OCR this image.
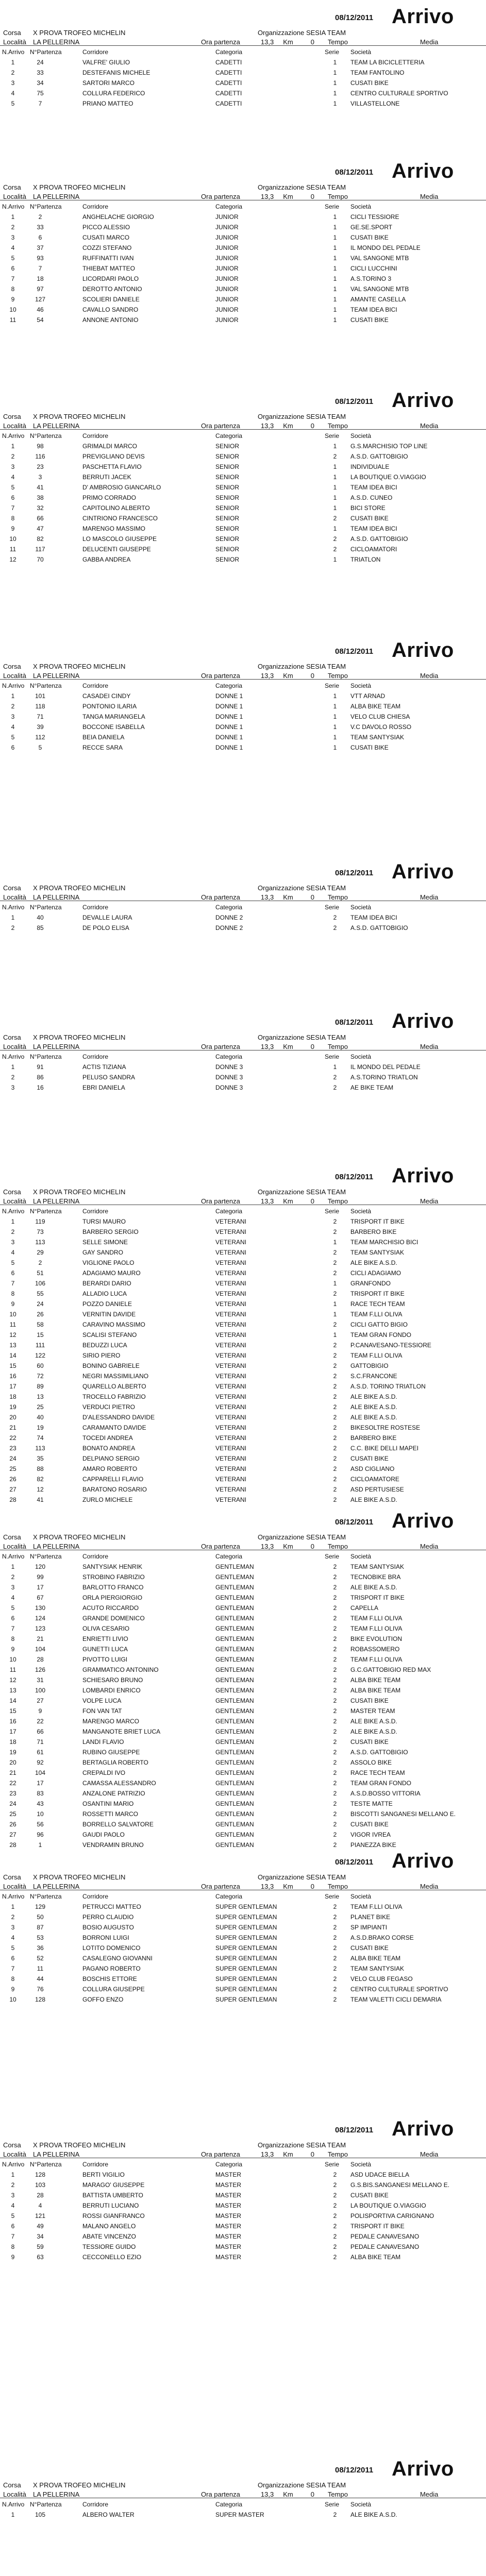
08/12/2011 Arrivo
Corsa X PROVA TROFEO MICHELIN	Organizzazione SESIA TEAM
Località LA PELLERINA	Ora partenza	13,3 Km	0 Tempo	Media
N.Arrivo N°Partenza	Corridore	Categoria	Serie Società
1	24	VALFRE' GIULIO	CADETTI	1	TEAM LA BICICLETTERIA
2	33	DESTEFANIS MICHELE	CADETTI	1	TEAM FANTOLINO
3	34	SARTORI MARCO	CADETTI	1	CUSATI BIKE
4	75	COLLURA FEDERICO	CADETTI	1	CENTRO CULTURALE SPORTIVO
5	7	PRIANO MATTEO	CADETTI	1	VILLASTELLONE
08/12/2011 Arrivo
Corsa X PROVA TROFEO MICHELIN	Organizzazione SESIA TEAM
Località LA PELLERINA	Ora partenza	13,3 Km	0 Tempo	Media
N.Arrivo N°Partenza	Corridore	Categoria	Serie Società
1	2	ANGHELACHE GIORGIO	JUNIOR	1	CICLI TESSIORE
2	33	PICCO ALESSIO	JUNIOR	1	GE.SE.SPORT
3	6	CUSATI MARCO	JUNIOR	1	CUSATI BIKE
4	37	COZZI STEFANO	JUNIOR	1	IL MONDO DEL PEDALE
5	93	RUFFINATTI IVAN	JUNIOR	1	VAL SANGONE MTB
6	7	THIEBAT MATTEO	JUNIOR	1	CICLI LUCCHINI
7	18	LICORDARI PAOLO	JUNIOR	1	A.S.TORINO 3
8	97	DEROTTO ANTONIO	JUNIOR	1	VAL SANGONE MTB
9	127	SCOLIERI DANIELE	JUNIOR	1	AMANTE CASELLA
10	46	CAVALLO SANDRO	JUNIOR	1	TEAM IDEA BICI
11	54	ANNONE ANTONIO	JUNIOR	1	CUSATI BIKE
08/12/2011 Arrivo
Corsa X PROVA TROFEO MICHELIN	Organizzazione SESIA TEAM
Località LA PELLERINA	Ora partenza	13,3 Km	0 Tempo	Media
N.Arrivo N°Partenza	Corridore	Categoria	Serie Società
1	98	GRIMALDI MARCO	SENIOR	1	G.S.MARCHISIO TOP LINE
2	116	PREVIGLIANO DEVIS	SENIOR	2	A.S.D. GATTOBIGIO
3	23	PASCHETTA FLAVIO	SENIOR	1	INDIVIDUALE
4	3	BERRUTI JACEK	SENIOR	1	LA BOUTIQUE O.VIAGGIO
5	41	D' AMBROSIO GIANCARLO	SENIOR	1	TEAM IDEA BICI
6	38	PRIMO CORRADO	SENIOR	1	A.S.D. CUNEO
7	32	CAPITOLINO ALBERTO	SENIOR	1	BICI STORE
8	66	CINTRIONO FRANCESCO	SENIOR	2	CUSATI BIKE
9	47	MARENGO MASSIMO	SENIOR	1	TEAM IDEA BICI
10	82	LO MASCOLO GIUSEPPE	SENIOR	2	A.S.D. GATTOBIGIO
11	117	DELUCENTI GIUSEPPE	SENIOR	2	CICLOAMATORI
12	70	GABBA ANDREA	SENIOR	1	TRIATLON
08/12/2011 Arrivo
Corsa X PROVA TROFEO MICHELIN	Organizzazione SESIA TEAM
Località LA PELLERINA	Ora partenza	13,3 Km	0 Tempo	Media
N.Arrivo N°Partenza	Corridore	Categoria	Serie Società
1	101	CASADEI CINDY	DONNE 1	1	VTT ARNAD
2	118	PONTONIO ILARIA	DONNE 1	1	ALBA BIKE TEAM
3	71	TANGA MARIANGELA	DONNE 1	1	VELO CLUB CHIESA
4	39	BOCCONE ISABELLA	DONNE 1	1	V.C DAVOLO ROSSO
5	112	BEIA DANIELA	DONNE 1	1	TEAM SANTYSIAK
6	5	RECCE SARA	DONNE 1	1	CUSATI BIKE
08/12/2011 Arrivo
Corsa X PROVA TROFEO MICHELIN	Organizzazione SESIA TEAM
Località LA PELLERINA	Ora partenza	13,3 Km	0 Tempo	Media
N.Arrivo N°Partenza	Corridore	Categoria	Serie Società
1	40	DEVALLE LAURA	DONNE 2	2	TEAM IDEA BICI
2	85	DE POLO ELISA	DONNE 2	2	A.S.D. GATTOBIGIO
08/12/2011 Arrivo
Corsa X PROVA TROFEO MICHELIN	Organizzazione SESIA TEAM
Località LA PELLERINA	Ora partenza	13,3 Km	0 Tempo	Media
N.Arrivo N°Partenza	Corridore	Categoria	Serie Società
1	91	ACTIS TIZIANA	DONNE 3	1	IL MONDO DEL PEDALE
2	86	PELUSO SANDRA	DONNE 3	2	A.S.TORINO TRIATLON
3	16	EBRI DANIELA	DONNE 3	2	AE BIKE TEAM
08/12/2011 Arrivo
Corsa X PROVA TROFEO MICHELIN	Organizzazione SESIA TEAM
Località LA PELLERINA	Ora partenza	13,3 Km	0 Tempo	Media
N.Arrivo N°Partenza	Corridore	Categoria	Serie Società
1	119	TURSI MAURO	VETERANI	2	TRISPORT IT BIKE
2	73	BARBERO SERGIO	VETERANI	2	BARBERO BIKE
3	113	SELLE SIMONE	VETERANI	1	TEAM MARCHISIO BICI
4	29	GAY SANDRO	VETERANI	2	TEAM SANTYSIAK
5	2	VIGLIONE PAOLO	VETERANI	2	ALE BIKE A.S.D.
6	51	ADAGIAMO MAURO	VETERANI	2	CICLI ADAGIAMO
7	106	BERARDI DARIO	VETERANI	1	GRANFONDO
8	55	ALLADIO LUCA	VETERANI	2	TRISPORT IT BIKE
9	24	POZZO DANIELE	VETERANI	1	RACE TECH TEAM
10	26	VERNITIN DAVIDE	VETERANI	1	TEAM F.LLI OLIVA
11	58	CARAVINO MASSIMO	VETERANI	2	CICLI GATTO BIGIO
12	15	SCALISI STEFANO	VETERANI	1	TEAM GRAN FONDO
13	111	BEDUZZI LUCA	VETERANI	2	P.CANAVESANO-TESSIORE
14	122	SIRIO PIERO	VETERANI	2	TEAM F.LLI OLIVA
15	60	BONINO GABRIELE	VETERANI	2	GATTOBIGIO
16	72	NEGRI MASSIMILIANO	VETERANI	2	S.C.FRANCONE
17	89	QUARELLO ALBERTO	VETERANI	2	A.S.D. TORINO TRIATLON
18	13	TROCELLO FABRIZIO	VETERANI	2	ALE BIKE A.S.D.
19	25	VERDUCI PIETRO	VETERANI	2	ALE BIKE A.S.D.
20	40	D'ALESSANDRO DAVIDE	VETERANI	2	ALE BIKE A.S.D.
21	19	CARAMANTO DAVIDE	VETERANI	2	BIKESOLTRE ROSTESE
22	74	TOCEDI ANDREA	VETERANI	2	BARBERO BIKE
23	113	BONATO ANDREA	VETERANI	2	C.C. BIKE DELLI MAPEI
24	35	DELPIANO SERGIO	VETERANI	2	CUSATI BIKE
25	88	AMARO ROBERTO	VETERANI	2	ASD CIGLIANO
26	82	CAPPARELLI FLAVIO	VETERANI	2	CICLOAMATORE
27	12	BARATONO ROSARIO	VETERANI	2	ASD PERTUSIESE
28	41	ZURLO MICHELE	VETERANI	2	ALE BIKE A.S.D.
08/12/2011 Arrivo
Corsa X PROVA TROFEO MICHELIN	Organizzazione SESIA TEAM
Località LA PELLERINA	Ora partenza	13,3 Km	0 Tempo	Media
N.Arrivo N°Partenza	Corridore	Categoria	Serie Società
1	120	SANTYSIAK HENRIK	GENTLEMAN	2	TEAM SANTYSIAK
2	99	STROBINO FABRIZIO	GENTLEMAN	2	TECNOBIKE BRA
3	17	BARLOTTO FRANCO	GENTLEMAN	2	ALE BIKE A.S.D.
4	67	ORLA PIERGIORGIO	GENTLEMAN	2	TRISPORT IT BIKE
5	130	ACUTO RICCARDO	GENTLEMAN	2	CAPELLA
6	124	GRANDE DOMENICO	GENTLEMAN	2	TEAM F.LLI OLIVA
7	123	OLIVA CESARIO	GENTLEMAN	2	TEAM F.LLI OLIVA
8	21	ENRIETTI LIVIO	GENTLEMAN	2	BIKE EVOLUTION
9	104	GUNETTI LUCA	GENTLEMAN	2	ROBASSOMERO
10	28	PIVOTTO LUIGI	GENTLEMAN	2	TEAM F.LLI OLIVA
11	126	GRAMMATICO ANTONINO	GENTLEMAN	2	G.C.GATTOBIGIO RED MAX
12	31	SCHIESARO BRUNO	GENTLEMAN	2	ALBA BIKE TEAM
13	100	LOMBARDI ENRICO	GENTLEMAN	2	ALBA BIKE TEAM
14	27	VOLPE LUCA	GENTLEMAN	2	CUSATI BIKE
15	9	FON VAN TAT	GENTLEMAN	2	MASTER TEAM
16	22	MARENGO MARCO	GENTLEMAN	2	ALE BIKE A.S.D.
17	66	MANGANOTE BRIET LUCA	GENTLEMAN	2	ALE BIKE A.S.D.
18	71	LANDI FLAVIO	GENTLEMAN	2	CUSATI BIKE
19	61	RUBINO GIUSEPPE	GENTLEMAN	2	A.S.D. GATTOBIGIO
20	92	BERTAGLIA ROBERTO	GENTLEMAN	2	ASSOLO BIKE
21	104	CREPALDI IVO	GENTLEMAN	2	RACE TECH TEAM
22	17	CAMASSA ALESSANDRO	GENTLEMAN	2	TEAM GRAN FONDO
23	83	ANZALONE PATRIZIO	GENTLEMAN	2	A.S.D.BOSSO VITTORIA
24	43	OSANTINI MARIO	GENTLEMAN	2	TESTE MATTE
25	10	ROSSETTI MARCO	GENTLEMAN	2	BISCOTTI SANGANESI MELLANO E.
26	56	BORRELLO SALVATORE	GENTLEMAN	2	CUSATI BIKE
27	96	GAUDI PAOLO	GENTLEMAN	2	VIGOR IVREA
28	1	VENDRAMIN BRUNO	GENTLEMAN	2	PIANEZZA BIKE
08/12/2011 Arrivo
Corsa X PROVA TROFEO MICHELIN	Organizzazione SESIA TEAM
Località LA PELLERINA	Ora partenza	13,3 Km	0 Tempo	Media
N.Arrivo N°Partenza	Corridore	Categoria	Serie Società
1	129	PETRUCCI MATTEO	SUPER GENTLEMAN	2	TEAM F.LLI OLIVA
2	50	PERRO CLAUDIO	SUPER GENTLEMAN	2	PLANET BIKE
3	87	BOSIO AUGUSTO	SUPER GENTLEMAN	2	SP IMPIANTI
4	53	BORRONI LUIGI	SUPER GENTLEMAN	2	A.S.D.BRAKO CORSE
5	36	LOTITO DOMENICO	SUPER GENTLEMAN	2	CUSATI BIKE
6	52	CASALEGNO GIOVANNI	SUPER GENTLEMAN	2	ALBA BIKE TEAM
7	11	PAGANO ROBERTO	SUPER GENTLEMAN	2	TEAM SANTYSIAK
8	44	BOSCHIS ETTORE	SUPER GENTLEMAN	2	VELO CLUB FEGASO
9	76	COLLURA GIUSEPPE	SUPER GENTLEMAN	2	CENTRO CULTURALE SPORTIVO
10	128	GOFFO ENZO	SUPER GENTLEMAN	2	TEAM VALETTI CICLI DEMARIA
08/12/2011 Arrivo
Corsa X PROVA TROFEO MICHELIN	Organizzazione SESIA TEAM
Località LA PELLERINA	Ora partenza	13,3 Km	0 Tempo	Media
N.Arrivo N°Partenza	Corridore	Categoria	Serie Società
1	128	BERTI VIGILIO	MASTER	2	ASD UDACE BIELLA
2	103	MARAGO' GIUSEPPE	MASTER	2	G.S.BIS.SANGANESI MELLANO E.
3	28	BATTISTA UMBERTO	MASTER	2	CUSATI BIKE
4	4	BERRUTI LUCIANO	MASTER	2	LA BOUTIQUE O.VIAGGIO
5	121	ROSSI GIANFRANCO	MASTER	2	POLISPORTIVA CARIGNANO
6	49	MALANO ANGELO	MASTER	2	TRISPORT IT BIKE
7	34	ABATE VINCENZO	MASTER	2	PEDALE CANAVESANO
8	59	TESSIORE GUIDO	MASTER	2	PEDALE CANAVESANO
9	63	CECCONELLO EZIO	MASTER	2	ALBA BIKE TEAM
08/12/2011 Arrivo
Corsa X PROVA TROFEO MICHELIN	Organizzazione SESIA TEAM
Località LA PELLERINA	Ora partenza	13,3 Km	0 Tempo	Media
N.Arrivo N°Partenza	Corridore	Categoria	Serie Società
1	105	ALBERO WALTER	SUPER MASTER	2	ALE BIKE A.S.D.
